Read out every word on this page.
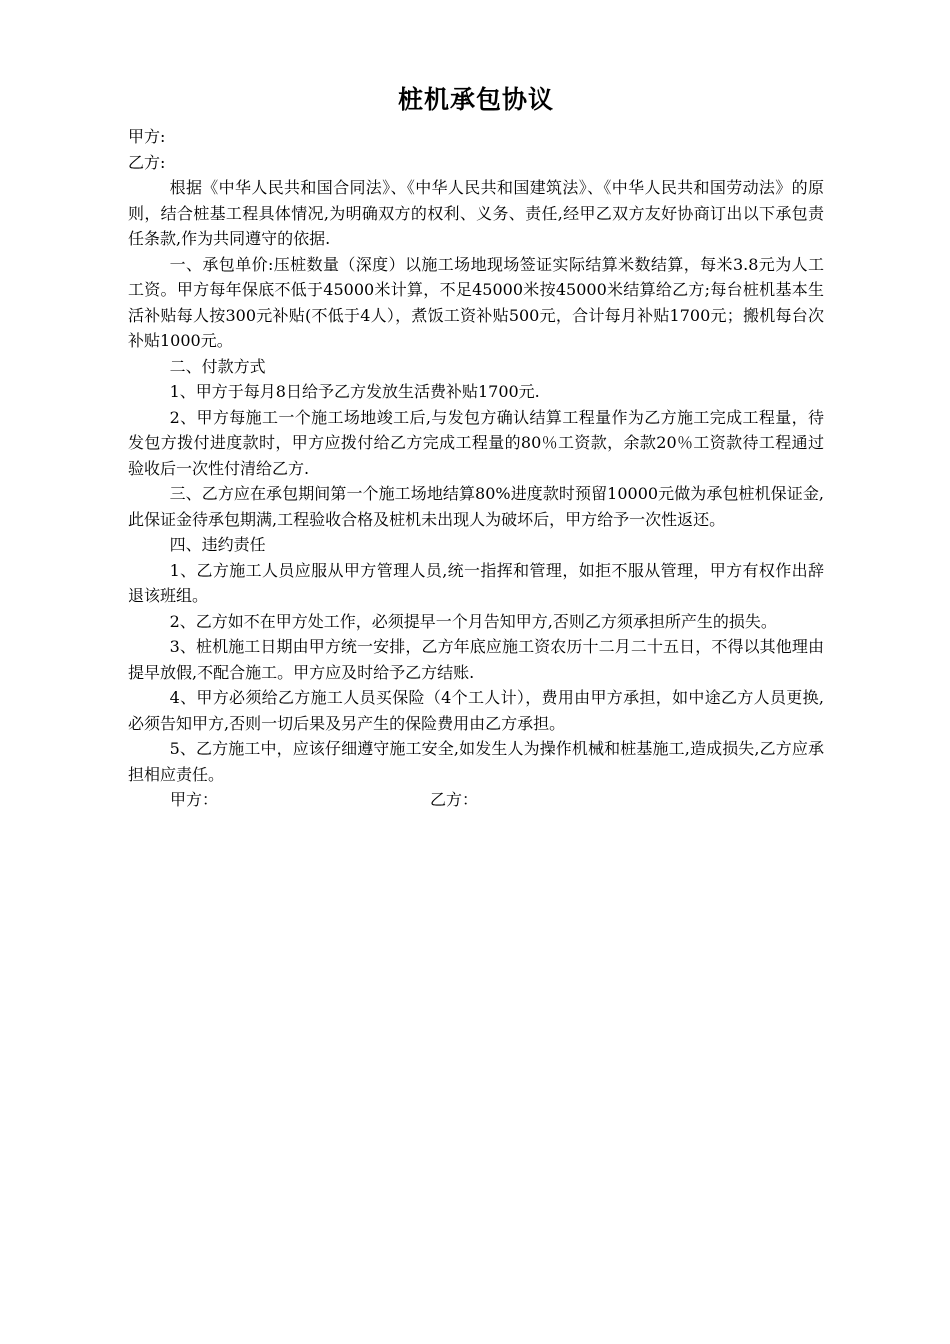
桩机承包协议

甲方:

乙方:

根据《中华人民共和国合同法》、《中华人民共和国建筑法》、《中华人民共和国劳动法》的原则，结合桩基工程具体情况,为明确双方的权利、义务、责任,经甲乙双方友好协商订出以下承包责任条款,作为共同遵守的依据.

一、承包单价:压桩数量（深度）以施工场地现场签证实际结算米数结算，每米3.8元为人工工资。甲方每年保底不低于45000米计算，不足45000米按45000米结算给乙方;每台桩机基本生活补贴每人按300元补贴(不低于4人），煮饭工资补贴500元，合计每月补贴1700元；搬机每台次补贴1000元。

二、付款方式

1、甲方于每月8日给予乙方发放生活费补贴1700元.

2、甲方每施工一个施工场地竣工后,与发包方确认结算工程量作为乙方施工完成工程量，待发包方拨付进度款时，甲方应拨付给乙方完成工程量的80％工资款，余款20％工资款待工程通过验收后一次性付清给乙方.

三、乙方应在承包期间第一个施工场地结算80%进度款时预留10000元做为承包桩机保证金,此保证金待承包期满,工程验收合格及桩机未出现人为破坏后，甲方给予一次性返还。

四、违约责任

1、乙方施工人员应服从甲方管理人员,统一指挥和管理，如拒不服从管理，甲方有权作出辞退该班组。

2、乙方如不在甲方处工作，必须提早一个月告知甲方,否则乙方须承担所产生的损失。

3、桩机施工日期由甲方统一安排，乙方年底应施工资农历十二月二十五日，不得以其他理由提早放假,不配合施工。甲方应及时给予乙方结账.

4、甲方必须给乙方施工人员买保险（4个工人计），费用由甲方承担，如中途乙方人员更换,必须告知甲方,否则一切后果及另产生的保险费用由乙方承担。

5、乙方施工中，应该仔细遵守施工安全,如发生人为操作机械和桩基施工,造成损失,乙方应承担相应责任。

甲方：	乙方：
